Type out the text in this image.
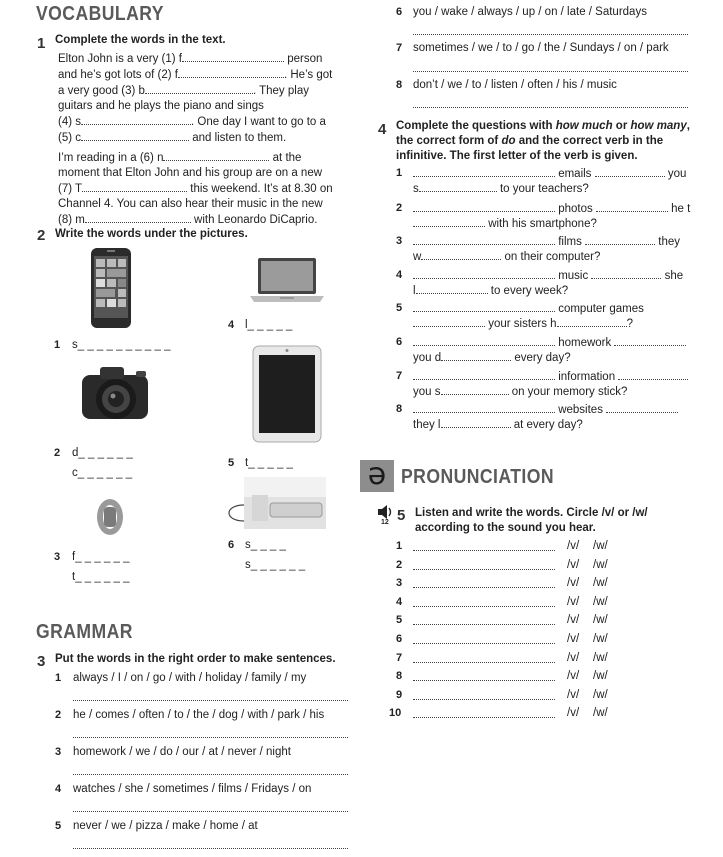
VOCABULARY
1 Complete the words in the text.
Elton John is a very (1) f	person
and he’s got lots of (2) f	. He’s got
a very good (3) b	. They play
guitars and he plays the piano and sings
(4) s	. One day I want to go to a
(5) c	and listen to them.
I’m reading in a (6) n	at the
moment that Elton John and his group are on a new
(7) T	this weekend. It’s at 8.30 on
Channel 4. You can also hear their music in the new
(8) m	with Leonardo DiCaprio.
2 Write the words under the pictures.
1 s_ _ _ _ _ _ _ _ _ _
2 d_ _ _ _ _ _
c_ _ _ _ _ _
3 f_ _ _ _ _ _
t_ _ _ _ _ _
4 l_ _ _ _ _
5 t_ _ _ _ _
6 s_ _ _ _
s_ _ _ _ _ _
GRAMMAR
3 Put the words in the right order to make sentences.
1 always / I / on / go / with / holiday / family / my
2 he / comes / often / to / the / dog / with / park / his
3 homework / we / do / our / at / never / night
4 watches / she / sometimes / films / Fridays / on
5 never / we / pizza / make / home / at
6 you / wake / always / up / on / late / Saturdays
7 sometimes / we / to / go / the / Sundays / on / park
8 don’t / we / to / listen / often / his / music
4 Complete the questions with how much or how many,
the correct form of do and the correct verb in the
infinitive. The first letter of the verb is given.
1	emails	you
s	to your teachers?
2	photos	he t
with his smartphone?
3	films	they
w	on their computer?
4	music	she
l	to every week?
5	computer games
your sisters h	?
6	homework
you d	every day?
7	information
you s	on your memory stick?
8	websites
they l	at every day?
ə PRONUNCIATION
12 5 Listen and write the words. Circle /v/ or /w/
according to the sound you hear.
1	/v/ /w/
2	/v/ /w/
3	/v/ /w/
4	/v/ /w/
5	/v/ /w/
6	/v/ /w/
7	/v/ /w/
8	/v/ /w/
9	/v/ /w/
10	/v/ /w/
